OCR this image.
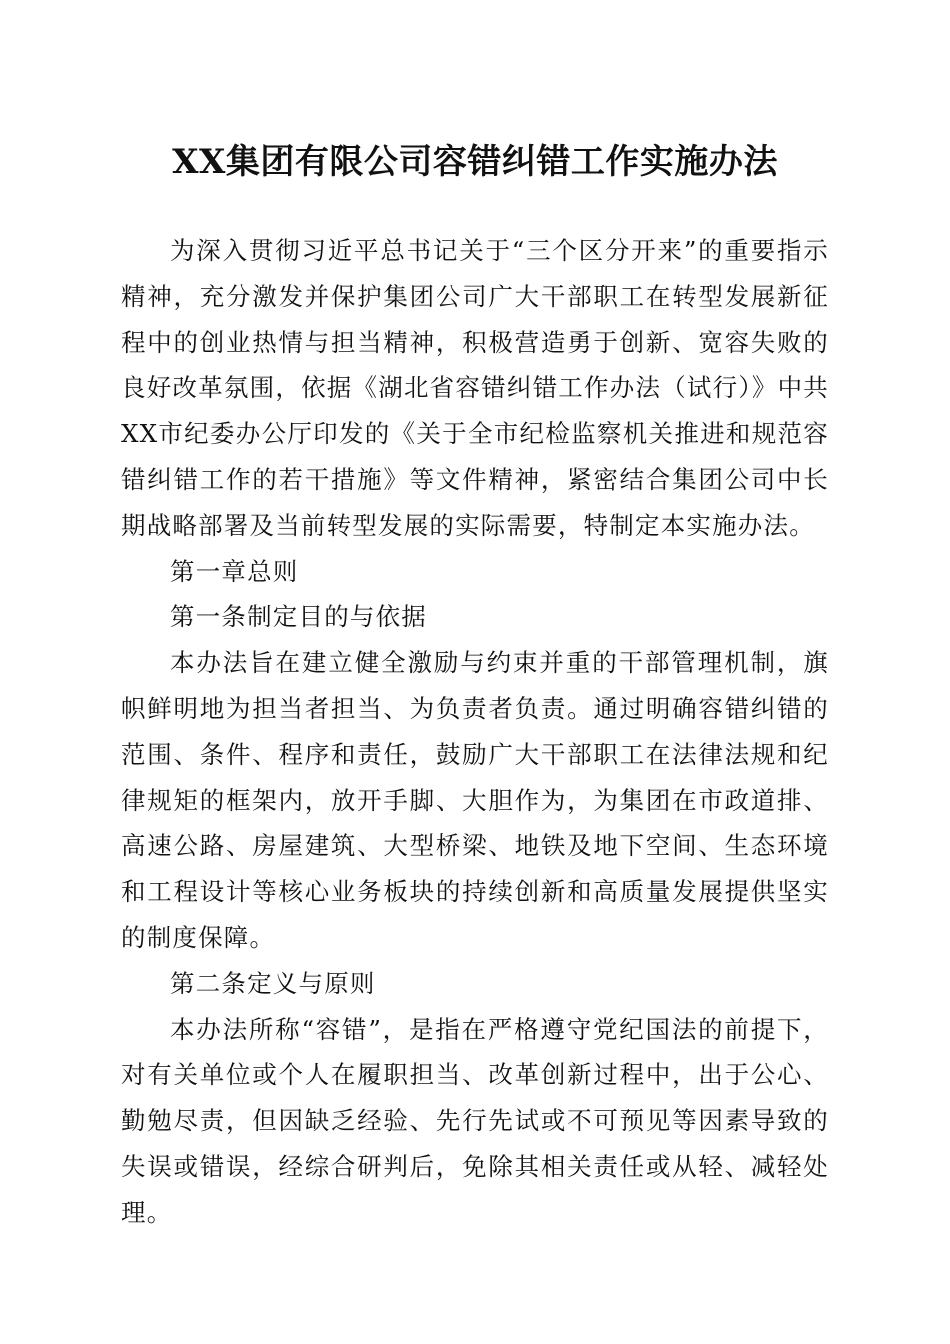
XX集团有限公司容错纠错工作实施办法

为深入贯彻习近平总书记关于“三个区分开来”的重要指示精神，充分激发并保护集团公司广大干部职工在转型发展新征程中的创业热情与担当精神，积极营造勇于创新、宽容失败的良好改革氛围，依据《湖北省容错纠错工作办法（试行）》中共XX市纪委办公厅印发的《关于全市纪检监察机关推进和规范容错纠错工作的若干措施》等文件精神，紧密结合集团公司中长期战略部署及当前转型发展的实际需要，特制定本实施办法。

第一章总则

第一条制定目的与依据

本办法旨在建立健全激励与约束并重的干部管理机制，旗帜鲜明地为担当者担当、为负责者负责。通过明确容错纠错的范围、条件、程序和责任，鼓励广大干部职工在法律法规和纪律规矩的框架内，放开手脚、大胆作为，为集团在市政道排、高速公路、房屋建筑、大型桥梁、地铁及地下空间、生态环境和工程设计等核心业务板块的持续创新和高质量发展提供坚实的制度保障。

第二条定义与原则

本办法所称“容错”，是指在严格遵守党纪国法的前提下，对有关单位或个人在履职担当、改革创新过程中，出于公心、勤勉尽责，但因缺乏经验、先行先试或不可预见等因素导致的失误或错误，经综合研判后，免除其相关责任或从轻、减轻处理。
